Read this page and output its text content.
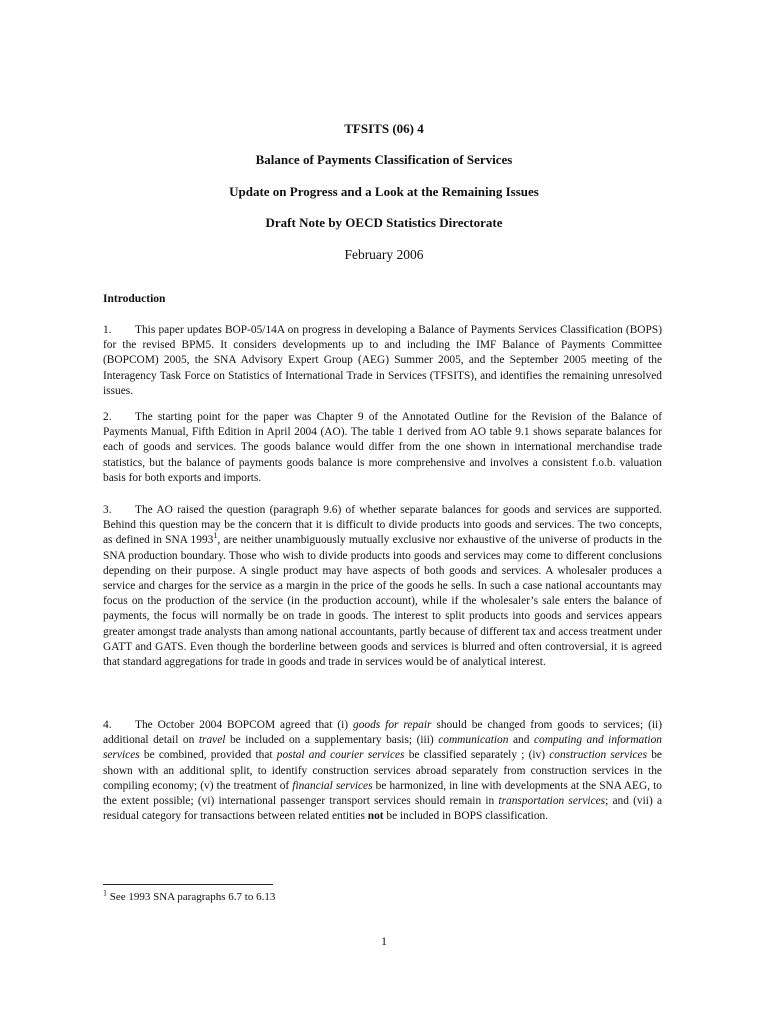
TFSITS (06) 4

Balance of Payments Classification of Services

Update on Progress and a Look at the Remaining Issues

Draft Note by OECD Statistics Directorate

February 2006

Introduction

1. This paper updates BOP-05/14A on progress in developing a Balance of Payments Services Classification (BOPS) for the revised BPM5. It considers developments up to and including the IMF Balance of Payments Committee (BOPCOM) 2005, the SNA Advisory Expert Group (AEG) Summer 2005, and the September 2005 meeting of the Interagency Task Force on Statistics of International Trade in Services (TFSITS), and identifies the remaining unresolved issues.

2. The starting point for the paper was Chapter 9 of the Annotated Outline for the Revision of the Balance of Payments Manual, Fifth Edition in April 2004 (AO). The table 1 derived from AO table 9.1 shows separate balances for each of goods and services. The goods balance would differ from the one shown in international merchandise trade statistics, but the balance of payments goods balance is more comprehensive and involves a consistent f.o.b. valuation basis for both exports and imports.

3. The AO raised the question (paragraph 9.6) of whether separate balances for goods and services are supported. Behind this question may be the concern that it is difficult to divide products into goods and services. The two concepts, as defined in SNA 1993$^1$, are neither unambiguously mutually exclusive nor exhaustive of the universe of products in the SNA production boundary. Those who wish to divide products into goods and services may come to different conclusions depending on their purpose. A single product may have aspects of both goods and services. A wholesaler produces a service and charges for the service as a margin in the price of the goods he sells. In such a case national accountants may focus on the production of the service (in the production account), while if the wholesaler’s sale enters the balance of payments, the focus will normally be on trade in goods. The interest to split products into goods and services appears greater amongst trade analysts than among national accountants, partly because of different tax and access treatment under GATT and GATS. Even though the borderline between goods and services is blurred and often controversial, it is agreed that standard aggregations for trade in goods and trade in services would be of analytical interest.

4. The October 2004 BOPCOM agreed that (i) goods for repair should be changed from goods to services; (ii) additional detail on travel be included on a supplementary basis; (iii) communication and computing and information services be combined, provided that postal and courier services be classified separately ; (iv) construction services be shown with an additional split, to identify construction services abroad separately from construction services in the compiling economy; (v) the treatment of financial services be harmonized, in line with developments at the SNA AEG, to the extent possible; (vi) international passenger transport services should remain in transportation services; and (vii) a residual category for transactions between related entities not be included in BOPS classification.

$^1$ See 1993 SNA paragraphs 6.7 to 6.13

1
